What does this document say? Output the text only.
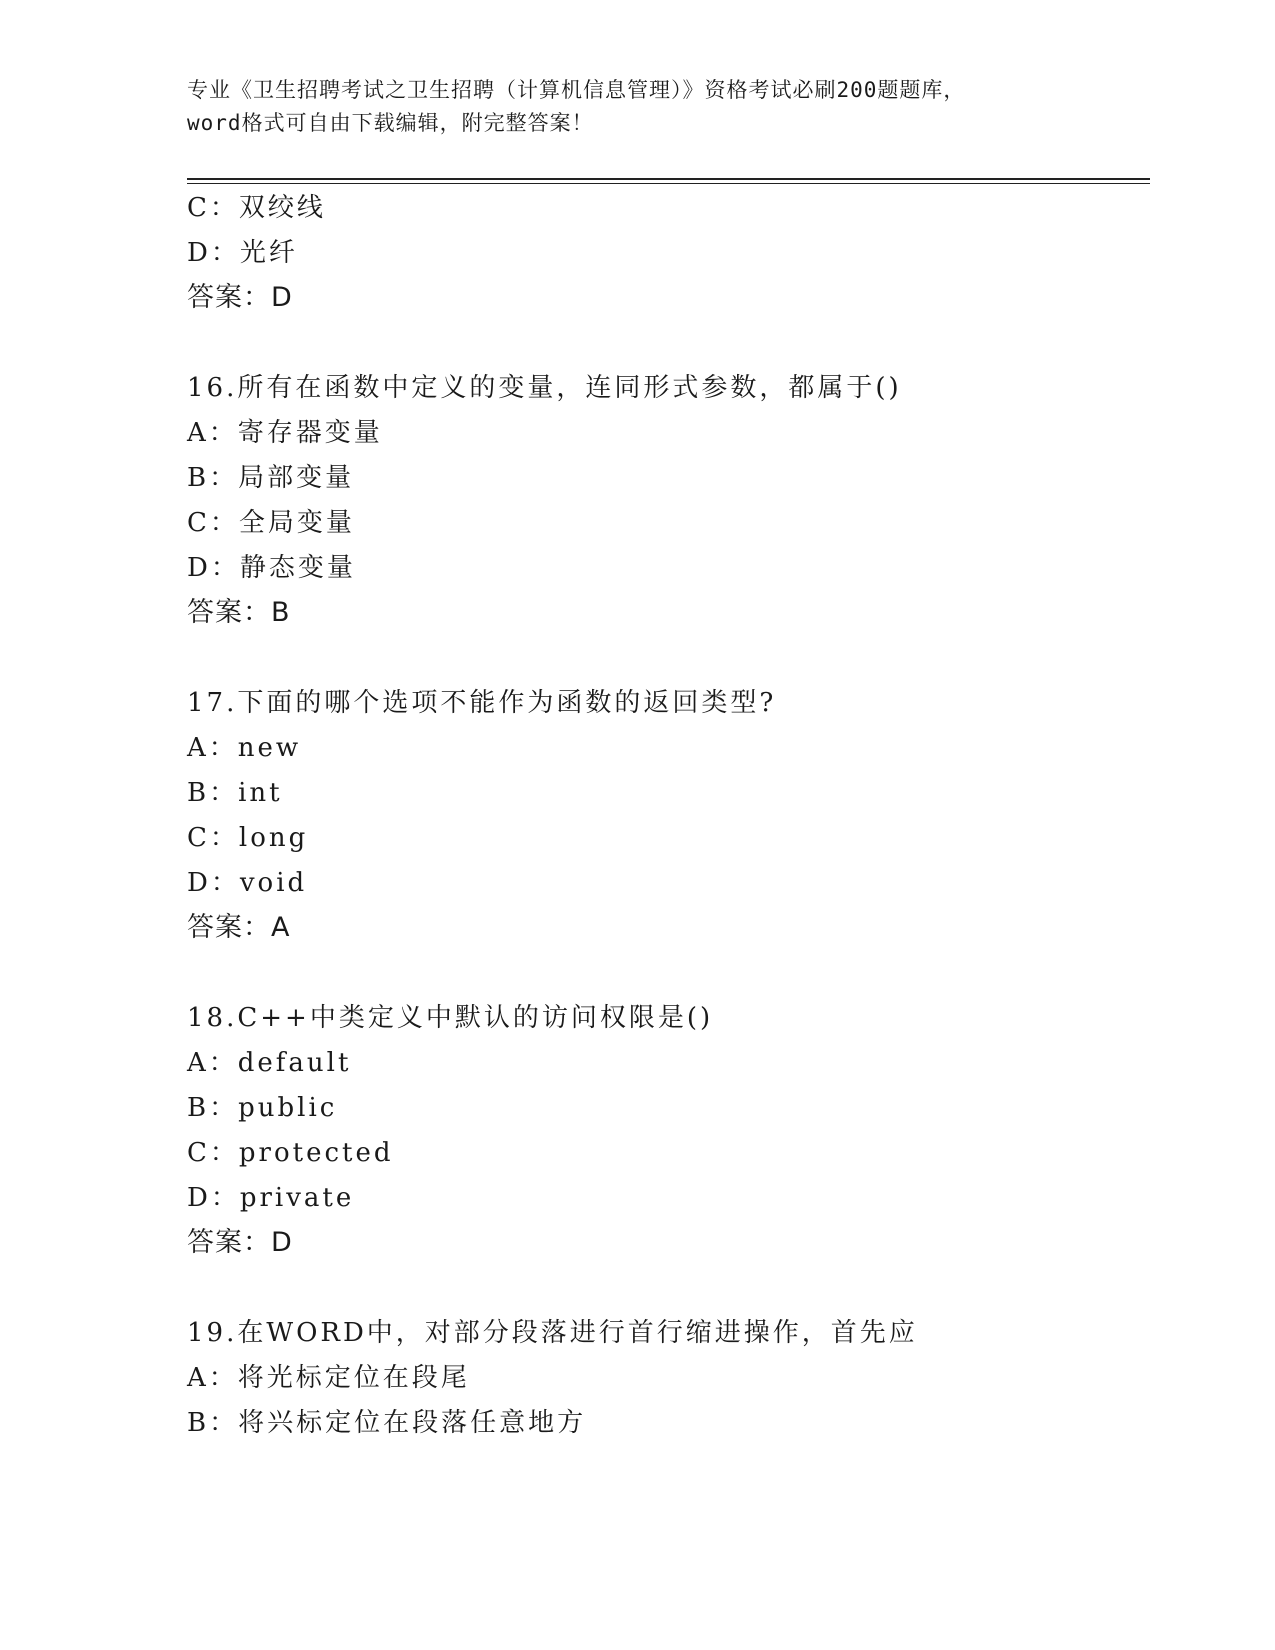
专业《卫生招聘考试之卫生招聘（计算机信息管理）》资格考试必刷200题题库，
word格式可自由下载编辑，附完整答案！
C：双绞线
D：光纤
答案：D
16.所有在函数中定义的变量，连同形式参数，都属于()
A：寄存器变量
B：局部变量
C：全局变量
D：静态变量
答案：B
17.下面的哪个选项不能作为函数的返回类型?
A：new
B：int
C：long
D：void
答案：A
18.C++中类定义中默认的访问权限是()
A：default
B：public
C：protected
D：private
答案：D
19.在WORD中，对部分段落进行首行缩进操作，首先应
A：将光标定位在段尾
B：将兴标定位在段落任意地方
